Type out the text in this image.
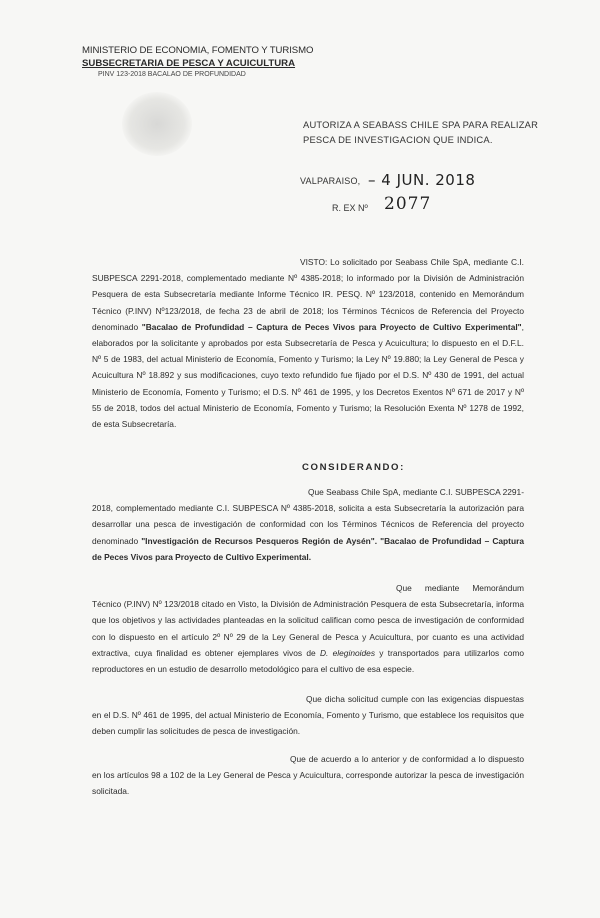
MINISTERIO DE ECONOMIA, FOMENTO Y TURISMO
SUBSECRETARIA DE PESCA Y ACUICULTURA
PINV 123-2018 BACALAO DE PROFUNDIDAD
AUTORIZA A SEABASS CHILE SPA PARA REALIZAR
PESCA DE INVESTIGACION QUE INDICA.
VALPARAISO, – 4 JUN. 2018
R. EX Nº 2077
VISTO: Lo solicitado por Seabass Chile SpA, mediante C.I. SUBPESCA 2291-2018, complementado mediante Nº 4385-2018; lo informado por la División de Administración Pesquera de esta Subsecretaría mediante Informe Técnico IR. PESQ. Nº 123/2018, contenido en Memorándum Técnico (P.INV) Nº123/2018, de fecha 23 de abril de 2018; los Términos Técnicos de Referencia del Proyecto denominado "Bacalao de Profundidad – Captura de Peces Vivos para Proyecto de Cultivo Experimental", elaborados por la solicitante y aprobados por esta Subsecretaría de Pesca y Acuicultura; lo dispuesto en el D.F.L. Nº 5 de 1983, del actual Ministerio de Economía, Fomento y Turismo; la Ley Nº 19.880; la Ley General de Pesca y Acuicultura Nº 18.892 y sus modificaciones, cuyo texto refundido fue fijado por el D.S. Nº 430 de 1991, del actual Ministerio de Economía, Fomento y Turismo; el D.S. Nº 461 de 1995, y los Decretos Exentos Nº 671 de 2017 y Nº 55 de 2018, todos del actual Ministerio de Economía, Fomento y Turismo; la Resolución Exenta Nº 1278 de 1992, de esta Subsecretaría.
CONSIDERANDO:
Que Seabass Chile SpA, mediante C.I. SUBPESCA 2291-2018, complementado mediante C.I. SUBPESCA Nº 4385-2018, solicita a esta Subsecretaría la autorización para desarrollar una pesca de investigación de conformidad con los Términos Técnicos de Referencia del proyecto denominado "Investigación de Recursos Pesqueros Región de Aysén". "Bacalao de Profundidad – Captura de Peces Vivos para Proyecto de Cultivo Experimental.
Que mediante Memorándum Técnico (P.INV) Nº 123/2018 citado en Visto, la División de Administración Pesquera de esta Subsecretaría, informa que los objetivos y las actividades planteadas en la solicitud califican como pesca de investigación de conformidad con lo dispuesto en el artículo 2º Nº 29 de la Ley General de Pesca y Acuicultura, por cuanto es una actividad extractiva, cuya finalidad es obtener ejemplares vivos de D. eleginoides y transportados para utilizarlos como reproductores en un estudio de desarrollo metodológico para el cultivo de esa especie.
Que dicha solicitud cumple con las exigencias dispuestas en el D.S. Nº 461 de 1995, del actual Ministerio de Economía, Fomento y Turismo, que establece los requisitos que deben cumplir las solicitudes de pesca de investigación.
Que de acuerdo a lo anterior y de conformidad a lo dispuesto en los artículos 98 a 102 de la Ley General de Pesca y Acuicultura, corresponde autorizar la pesca de investigación solicitada.
